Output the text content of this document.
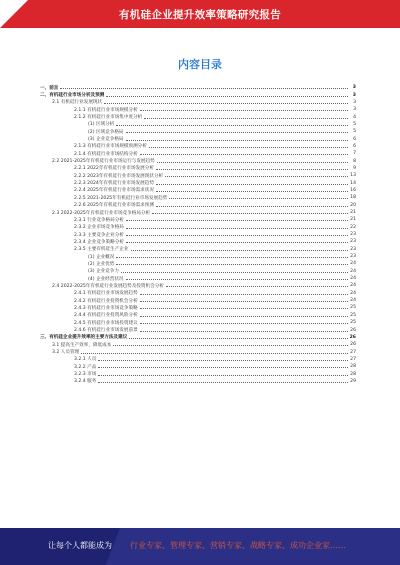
有机硅企业提升效率策略研究报告
内容目录
一、前言	3
二、有机硅行业市场分析及预测	3
2.1 有机硅行业发展现状	3
2.1.1 有机硅行业市场规模分析	3
2.1.2 有机硅行业市场集中度分析	4
(1) 区域分析	5
(2) 区域竞争格局	5
(3) 企业竞争格局	6
2.1.3 有机硅行业市场规模预测分析	6
2.1.4 有机硅行业市场结构分析	7
2.2 2021-2025年有机硅行业市场运行与发展趋势	8
2.2.1 2022年有机硅行业市场发展分析	9
2.2.2 2023年有机硅行业市场发展现状分析	13
2.2.3 2024年有机硅行业市场发展趋势	14
2.2.4 2025年有机硅行业市场需求状况	16
2.2.5 2021-2025年有机硅行业市场发展趋势	18
2.2.6 2025年有机硅行业市场需求预测	20
2.3 2022-2025年有机硅行业市场竞争格局分析	21
2.3.1 行业竞争格局分析	21
2.3.2 企业市场竞争格局	22
2.3.3 主要竞争企业分析	23
2.3.4 企业竞争策略分析	23
2.3.5 主要有机硅生产企业	23
(1) 企业概况	23
(2) 企业优势	24
(3) 企业竞争力	24
(4) 企业经营状况	24
2.4 2022-2025年有机硅行业发展趋势及投资机会分析	24
2.4.1 有机硅行业市场发展趋势	24
2.4.2 有机硅行业投资机会分析	24
2.4.3 有机硅行业市场竞争策略	25
2.4.4 有机硅行业投资风险分析	25
2.4.5 有机硅行业市场投资建议	25
2.4.6 有机硅行业市场发展前景	26
三、有机硅企业提升效率的主要方法及建议	26
3.1 提高生产效率，降低成本	26
3.2 人员管理	27
3.2.1 人员	27
3.2.2 产品	28
3.2.3 市场	28
3.2.4 服务	29
让每个人都能成为 行业专家、管理专家、营销专家、战略专家、成功企业家……
